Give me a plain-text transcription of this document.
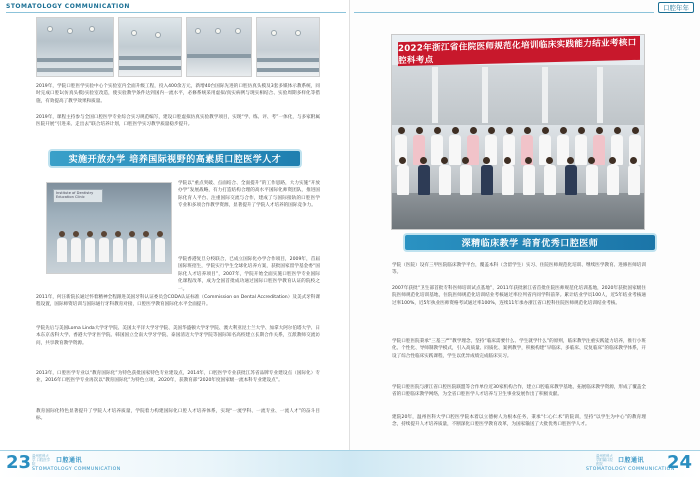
STOMATOLOGY COMMUNICATION
2019年，学院口腔医学实验中心个实验室内全面升级工程，投入400余万元，新增40台国际先进的口腔仿真头模及3套多媒体示教系统，同时完成口腔1(仿真头模)实验室改造，使实验教学条件达到国内一流水平，必修系统采用虚拟/真实病例与现实相结合、实验周期多样化等措施，有效提高了教学效果和质量。
2019年，课程主持参与全国口腔医学专业综合实习规范编写，建设口腔虚拟仿真实验教学项目，实现“学、练、评、考”一体化，与多家附属医院开展“引进来、走出去”联合培养计划，口腔医学实习教学质量稳步提升。
实施开放办学 培养国际视野的高素质口腔医学人才
Institute of Dentistry Education Clinic
学院以“重点突破、点面结合、全面提升”的工作思路，大力实施“开放办学”发展战略，有力打造结构合理的高水平国际化师资团队，推进国际化育人平台、注重国际交流与合作，建成了与国际接轨的口腔医学专业和多项合作教学资源，显著提升了学院人才培养的国际竞争力。
学院香港复旦分校联合，已成立国际化办学合作项目，2009年，首届国际班招生，学院实行学生全球化培养方案，获批国家留学基金委“国际化人才培养项目”，2007年，学院开始全面实施口腔医学专业国际化课程改革，成为全国首批成功通过国际口腔医学教育认证的院校之一。
2011年，何汪新院长通过怀着精神全程跟进美国牙科认证委员会CODA认证标准（Commission on Dental Accreditation）及美式牙科课程设置，国际师资培训与国际通行牙科教育对接，口腔医学教育国际化水平全面提升。
学院先后与美国Loma Linda大学牙学院、美国太平洋大学牙学院、美国华盛顿大学牙学院、澳大利亚昆士兰大学、加拿大阿尔伯塔大学、日本东京齿科大学、香港大学牙医学院、韩国国立全南大学牙学院、泰国清迈大学牙学院等国际知名高校建立长期合作关系，互派教师交流访问，共享教育教学资源。
2013年，口腔医学专业以“教育国际化”为特色获批国家特色专业建设点，2014年，口腔医学专业获批江苏省品牌专业建设点（国际化）专业，2016年口腔医学专业再次以“教育国际化”为特色立项，2020年，获教育部“2020年度国家级一流本科专业建设点”。
教育国际化特色显著提升了学院人才培养质量，学院着力构建国际化口腔人才培养体系，实现“一流学科、一流专业、一流人才”的奋斗目标。
口腔年年
2022年浙江省住院医师规范化培训临床实践能力结业考核口腔科考点
深精临床教学 培育优秀口腔医师
学院（医院）设有三甲医院临床教学平台，覆盖本科（含留学生）实习、住院医师规范化培训、继续医学教育、进修医师培训等。
2007年获批“卫生部首批专科医师培训试点基地”，2011年获批浙江省首批住院医师规范化培训基地，2020年获批国家级住院医师规范化培训基地，住院医师规范化培训结业考核通过率位列省内同学科前茅。累计结业学员100人，近5年结业考核通过率100%，近5年执业医师资格考试通过率100%，连续11年承办浙江省口腔科住院医师规范化培训结业考核。
学院口腔医院秉承“三基三严”教学理念，坚持“临床需要什么、学生就学什么”的原则，临床教学注重实践能力培养，推行小班化、个性化、导师制教学模式，引入高质量、同质化、案例教学，积极构建“早临床、多临床、反复临床”的临床教学体系，开设了综合性临床实践课程，学生以优异成绩完成临床实习。
学院口腔医院与浙江省口腔医院联盟等合作单位近30家机构合作，建立口腔临床教学基地，拓展临床教学资源，形成了覆盖全省的口腔临床教学网络，为全省口腔医学人才培养与卫生事业发展作出了积极贡献。
建院20年，温州医科大学口腔医学院本着以立德树人为根本任务，秉承“仁心仁术”的院训，坚持“以学生为中心”的教育理念，持续提升人才培养质量，不断深化口腔医学教育改革，为国家输送了大批优秀口腔医学人才。
23 温州医科大学 口腔医学院	口腔通讯
STOMATOLOGY COMMUNICATION	24
口腔通讯
温州医科大学附属口腔医院
STOMATOLOGY COMMUNICATION
